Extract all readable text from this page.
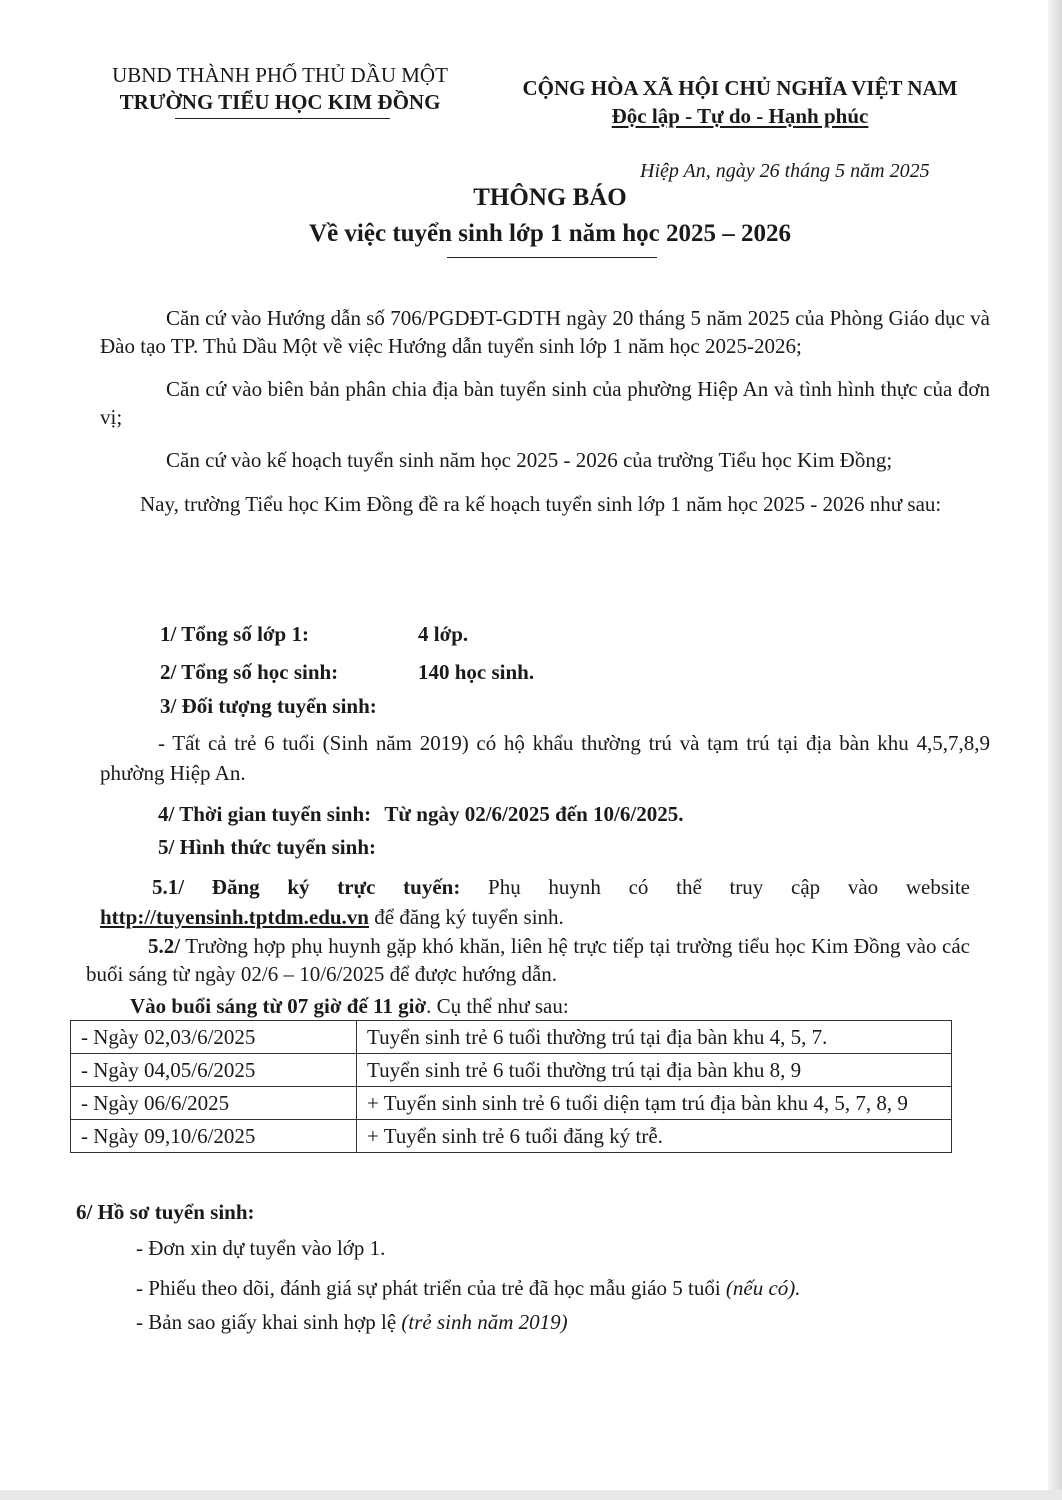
UBND THÀNH PHỐ THỦ DẦU MỘT
TRƯỜNG TIỂU HỌC KIM ĐỒNG
CỘNG HÒA XÃ HỘI CHỦ NGHĨA VIỆT NAM
Độc lập - Tự do - Hạnh phúc
Hiệp An, ngày 26 tháng 5 năm 2025
THÔNG BÁO
Về việc tuyển sinh lớp 1 năm học 2025 – 2026

Căn cứ vào Hướng dẫn số 706/PGDĐT-GDTH ngày 20 tháng 5 năm 2025 của Phòng Giáo dục và Đào tạo TP. Thủ Dầu Một về việc Hướng dẫn tuyển sinh lớp 1 năm học 2025-2026;

Căn cứ vào biên bản phân chia địa bàn tuyển sinh của phường Hiệp An và tình hình thực của đơn vị;

Căn cứ vào kế hoạch tuyển sinh năm học 2025 - 2026 của trường Tiểu học Kim Đồng;

Nay, trường Tiểu học Kim Đồng đề ra kế hoạch tuyển sinh lớp 1 năm học 2025 - 2026 như sau:

1/ Tổng số lớp 1:	4 lớp.
2/ Tổng số học sinh:	140 học sinh.
3/ Đối tượng tuyển sinh:
- Tất cả trẻ 6 tuổi (Sinh năm 2019) có hộ khẩu thường trú và tạm trú tại địa bàn khu 4,5,7,8,9 phường Hiệp An.
4/ Thời gian tuyển sinh: Từ ngày 02/6/2025 đến 10/6/2025.
5/ Hình thức tuyển sinh:
5.1/ Đăng ký trực tuyến: Phụ huynh có thể truy cập vào website http://tuyensinh.tptdm.edu.vn để đăng ký tuyển sinh.
5.2/ Trường hợp phụ huynh gặp khó khăn, liên hệ trực tiếp tại trường tiểu học Kim Đồng vào các buổi sáng từ ngày 02/6 – 10/6/2025 để được hướng dẫn.
Vào buổi sáng từ 07 giờ đế 11 giờ. Cụ thể như sau:
- Ngày 02,03/6/2025	Tuyển sinh trẻ 6 tuổi thường trú tại địa bàn khu 4, 5, 7.
- Ngày 04,05/6/2025	Tuyển sinh trẻ 6 tuổi thường trú tại địa bàn khu 8, 9
- Ngày 06/6/2025	+ Tuyển sinh sinh trẻ 6 tuổi diện tạm trú địa bàn khu 4, 5, 7, 8, 9
- Ngày 09,10/6/2025	+ Tuyển sinh trẻ 6 tuổi đăng ký trễ.
6/ Hồ sơ tuyển sinh:
- Đơn xin dự tuyển vào lớp 1.
- Phiếu theo dõi, đánh giá sự phát triển của trẻ đã học mẫu giáo 5 tuổi (nếu có).
- Bản sao giấy khai sinh hợp lệ (trẻ sinh năm 2019)
